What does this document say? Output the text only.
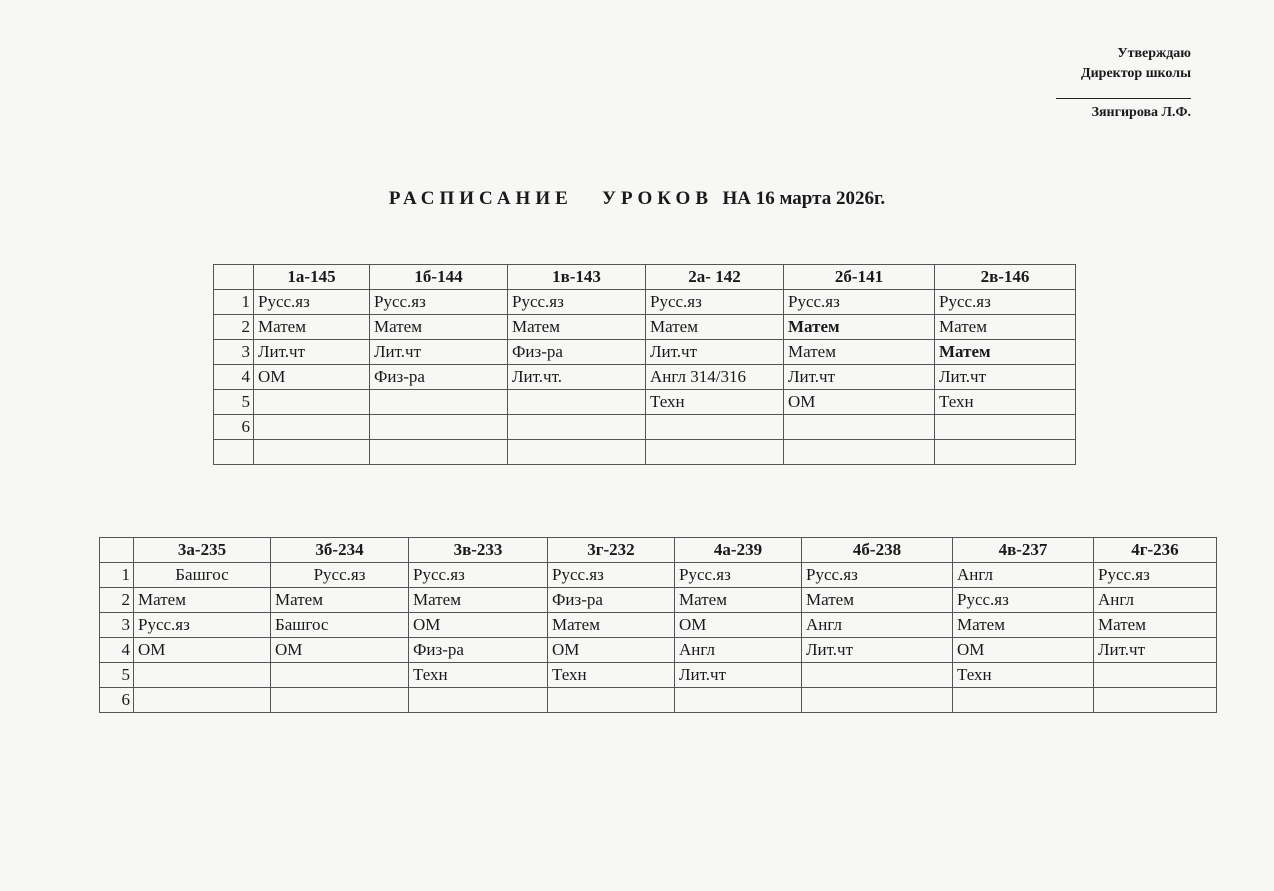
Утверждаю
Директор школы
Зянгирова Л.Ф.
РАСПИСАНИЕ   УРОКОВ  НА 16 марта 2026г.
	1а-145	1б-144	1в-143	2а- 142	2б-141	2в-146
1	Русс.яз	Русс.яз	Русс.яз	Русс.яз	Русс.яз	Русс.яз
2	Матем	Матем	Матем	Матем	Матем	Матем
3	Лит.чт	Лит.чт	Физ-ра	Лит.чт	Матем	Матем
4	ОМ	Физ-ра	Лит.чт.	Англ 314/316	Лит.чт	Лит.чт
5				Техн	ОМ	Техн
6						

	3а-235	3б-234	3в-233	3г-232	4а-239	4б-238	4в-237	4г-236
1	Башгос	Русс.яз	Русс.яз	Русс.яз	Русс.яз	Русс.яз	Англ	Русс.яз
2	Матем	Матем	Матем	Физ-ра	Матем	Матем	Русс.яз	Англ
3	Русс.яз	Башгос	ОМ	Матем	ОМ	Англ	Матем	Матем
4	ОМ	ОМ	Физ-ра	ОМ	Англ	Лит.чт	ОМ	Лит.чт
5			Техн	Техн	Лит.чт		Техн	
6								
